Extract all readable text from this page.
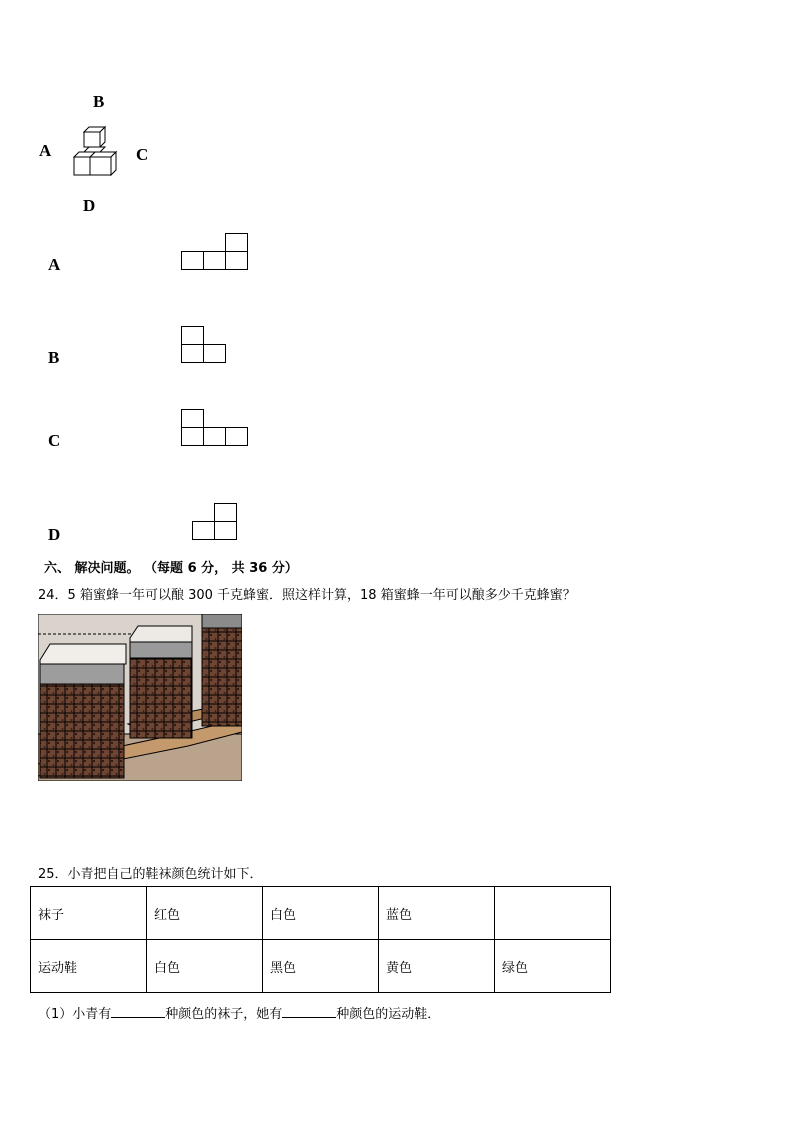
B
A	C
D
A
B
C
D
六、 解决问题。 （每题 6 分， 共 36 分）
24．5 箱蜜蜂一年可以酿 300 千克蜂蜜．照这样计算，18 箱蜜蜂一年可以酿多少千克蜂蜜？
25．小青把自己的鞋袜颜色统计如下．
袜子	红色	白色	蓝色	
运动鞋	白色	黑色	黄色	绿色
（1）小青有	种颜色的袜子，她有	种颜色的运动鞋．
